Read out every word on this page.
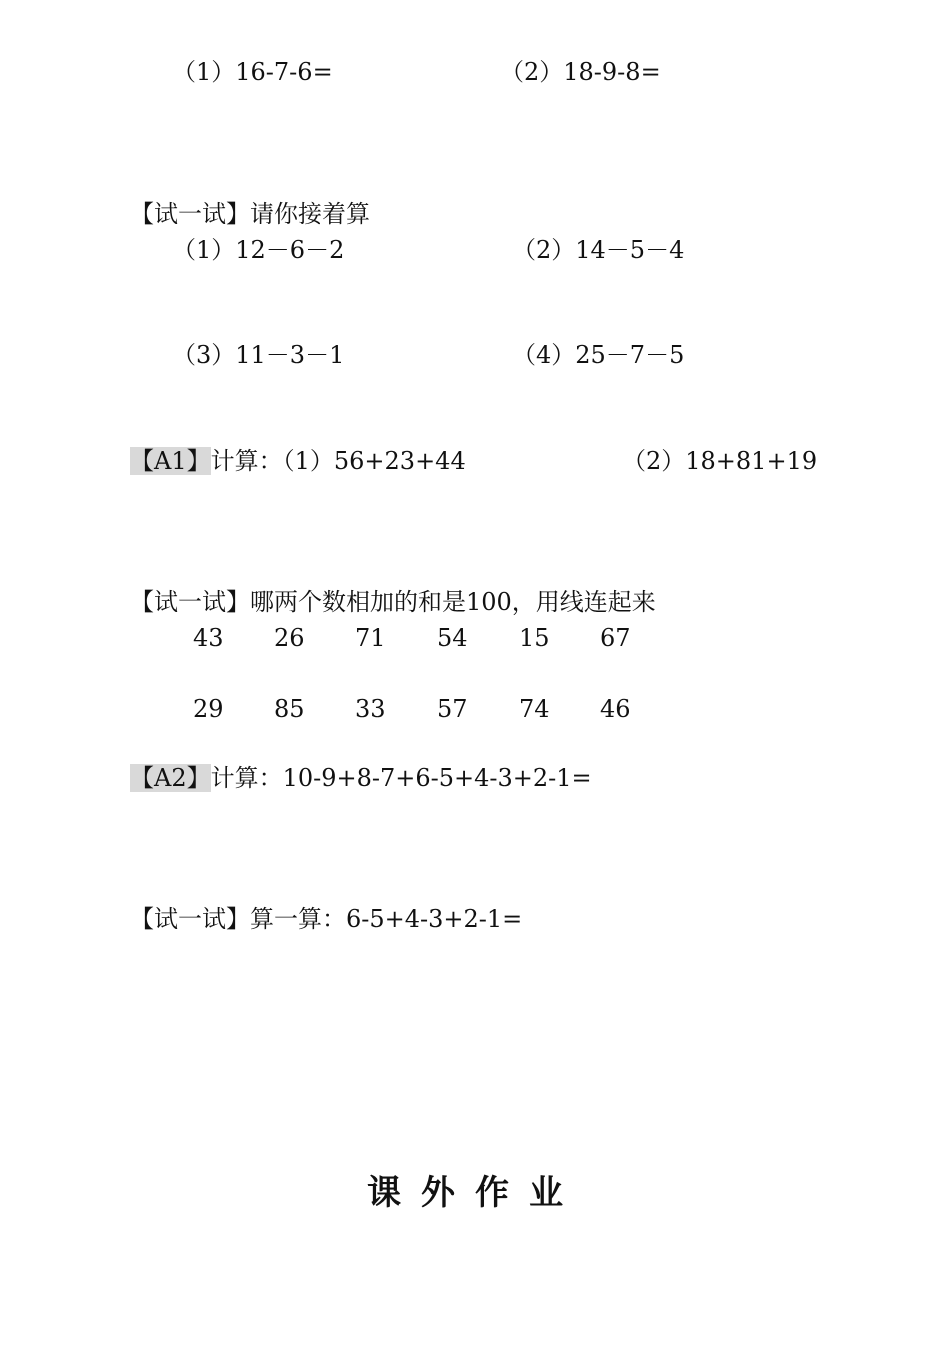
（1）16-7-6=	（2）18-9-8=
【试一试】请你接着算
（1）12－6－2	（2）14－5－4
（3）11－3－1	（4）25－7－5
【A1】计算：（1）56+23+44	（2）18+81+19
【试一试】哪两个数相加的和是100，用线连起来
43 26 71 54 15 67
29 85 33 57 74 46
【A2】计算：10-9+8-7+6-5+4-3+2-1=
【试一试】算一算：6-5+4-3+2-1=
课外作业
